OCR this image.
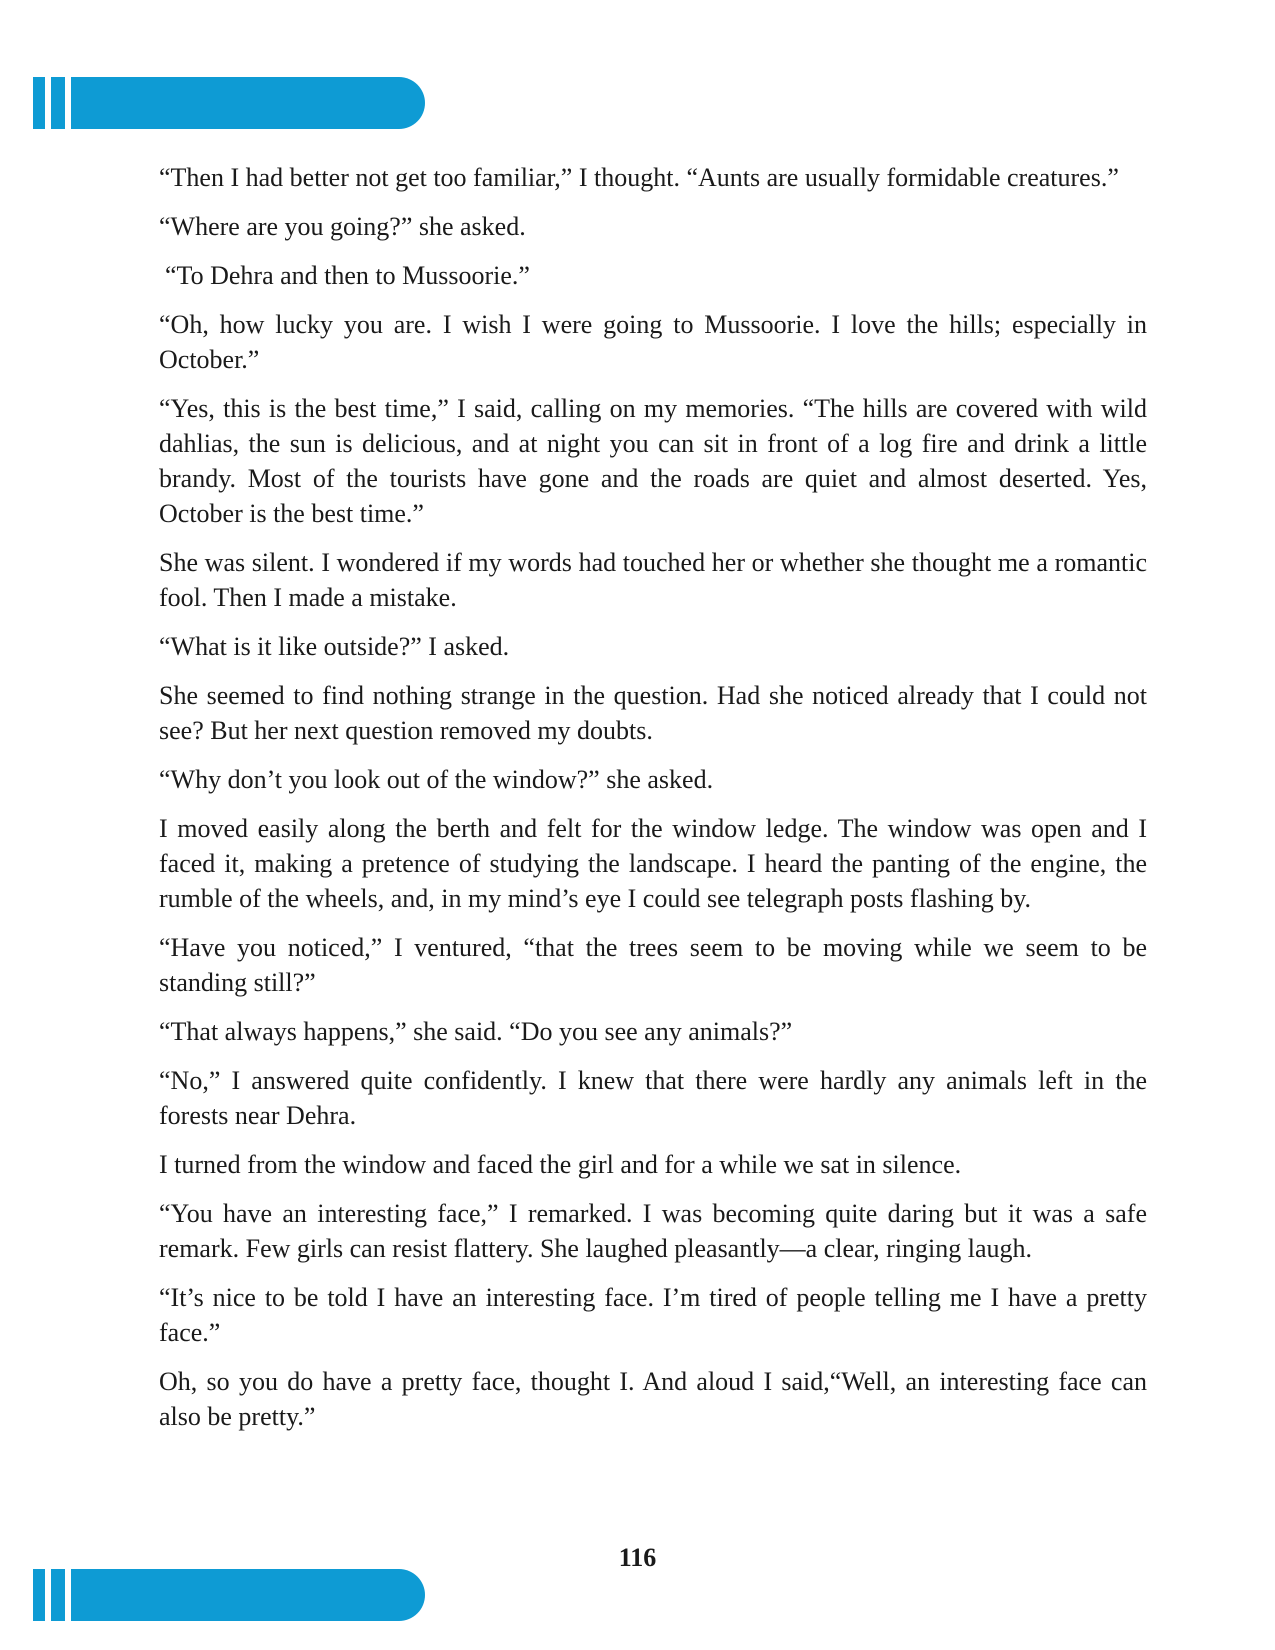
“Then I had better not get too familiar,” I thought. “Aunts are usually formidable creatures.”

“Where are you going?” she asked.

“To Dehra and then to Mussoorie.”

“Oh, how lucky you are. I wish I were going to Mussoorie. I love the hills; especially in October.”

“Yes, this is the best time,” I said, calling on my memories. “The hills are covered with wild dahlias, the sun is delicious, and at night you can sit in front of a log fire and drink a little brandy. Most of the tourists have gone and the roads are quiet and almost deserted. Yes, October is the best time.”

She was silent. I wondered if my words had touched her or whether she thought me a romantic fool. Then I made a mistake.

“What is it like outside?” I asked.

She seemed to find nothing strange in the question. Had she noticed already that I could not see? But her next question removed my doubts.

“Why don’t you look out of the window?” she asked.

I moved easily along the berth and felt for the window ledge. The window was open and I faced it, making a pretence of studying the landscape. I heard the panting of the engine, the rumble of the wheels, and, in my mind’s eye I could see telegraph posts flashing by.

“Have you noticed,” I ventured, “that the trees seem to be moving while we seem to be standing still?”

“That always happens,” she said. “Do you see any animals?”

“No,” I answered quite confidently. I knew that there were hardly any animals left in the forests near Dehra.

I turned from the window and faced the girl and for a while we sat in silence.

“You have an interesting face,” I remarked. I was becoming quite daring but it was a safe remark. Few girls can resist flattery. She laughed pleasantly—a clear, ringing laugh.

“It’s nice to be told I have an interesting face. I’m tired of people telling me I have a pretty face.”

Oh, so you do have a pretty face, thought I. And aloud I said,“Well, an interesting face can also be pretty.”

116
